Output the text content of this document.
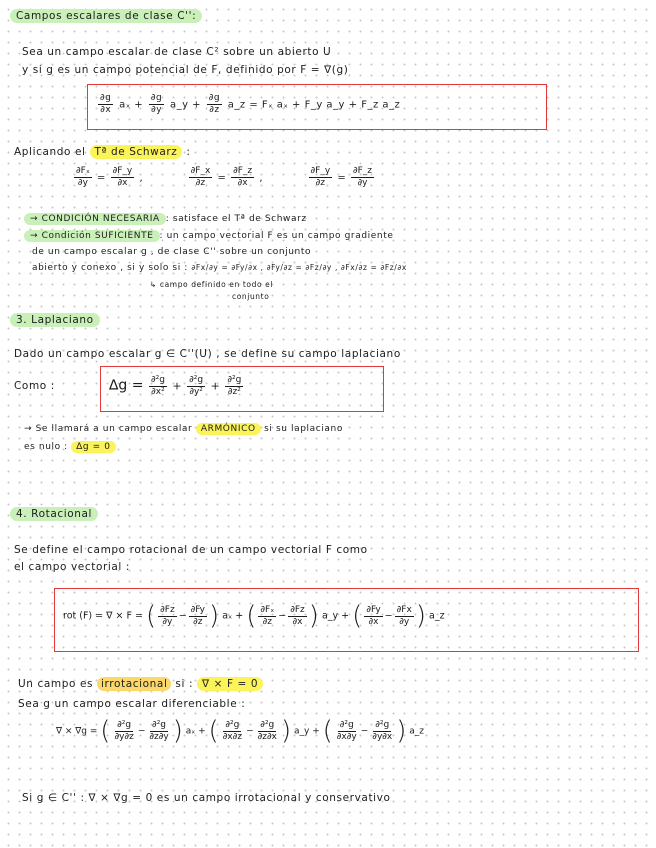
Campos escalares de clase C'':
Sea un campo escalar de clase C² sobre un abierto U
y si g es un campo potencial de F, definido por F = ∇(g)
$\frac{\partial g}{\partial x}$ $a_x + \frac{\partial g}{\partial y}$ a_y + $\frac{\partial g}{\partial z}$ a_z = Fₓ aₓ + F_y a_y + F_z a_z
Aplicando el Tª de Schwarz :
$\frac{\text{∂Fₓ}}{\partial y} = \frac{\partial F\_y}{\partial x}$ ,	$\frac{\partial F\_x}{\partial z} = \frac{\partial F\_z}{\partial x}$ ,	$\frac{\partial F\_y}{\partial z} = \frac{\partial F\_z}{\partial y}$
→ CONDICIÓN NECESARIA : satisface el Tª de Schwarz
→ Condición SUFICIENTE : un campo vectorial F es un campo gradiente
de un campo escalar g , de clase C'' sobre un conjunto
abierto y conexo , si y solo si : ∂Fx/∂y = ∂Fy/∂x , ∂Fy/∂z = ∂Fz/∂y , ∂Fx/∂z = ∂Fz/∂x
↳ campo definido en todo el
conjunto
3. Laplaciano
Dado un campo escalar g ∈ C''(U) , se define su campo laplaciano
Como :	$\Delta g = \frac{\text{∂²g}}{\text{∂x²}} + \frac{\text{∂²g}}{\text{∂y²}} + \frac{\text{∂²g}}{\text{∂z²}}$
→ Se llamará a un campo escalar ARMÓNICO si su laplaciano
es nulo : ∆g = 0
4. Rotacional
Se define el campo rotacional de un campo vectorial F como
el campo vectorial :
rot (F) = ∇ × F = ( $\frac{\partial Fz}{\partial y} - \frac{\partial Fy}{\partial z}$ ) aₓ + ( $\frac{\text{∂Fₓ}}{\partial z} - \frac{\partial Fz}{\partial x}$ ) a_y + ( $\frac{\partial Fy}{\partial x} - \frac{\partial Fx}{\partial y}$ ) a_z
Un campo es irrotacional si : ∇ × F = 0
Sea g un campo escalar diferenciable :
∇ × ∇g = ( $\frac{\text{∂²g}}{\partial y\partial z} - \frac{\text{∂²g}}{\partial z\partial y}$ ) aₓ + ( $\frac{\text{∂²g}}{\partial x\partial z} - \frac{\text{∂²g}}{\partial z\partial x}$ ) a_y + ( $\frac{\text{∂²g}}{\partial x\partial y} - \frac{\text{∂²g}}{\partial y\partial x}$ ) a_z
Si g ∈ C'' : ∇ × ∇g = 0 es un campo irrotacional y conservativo
